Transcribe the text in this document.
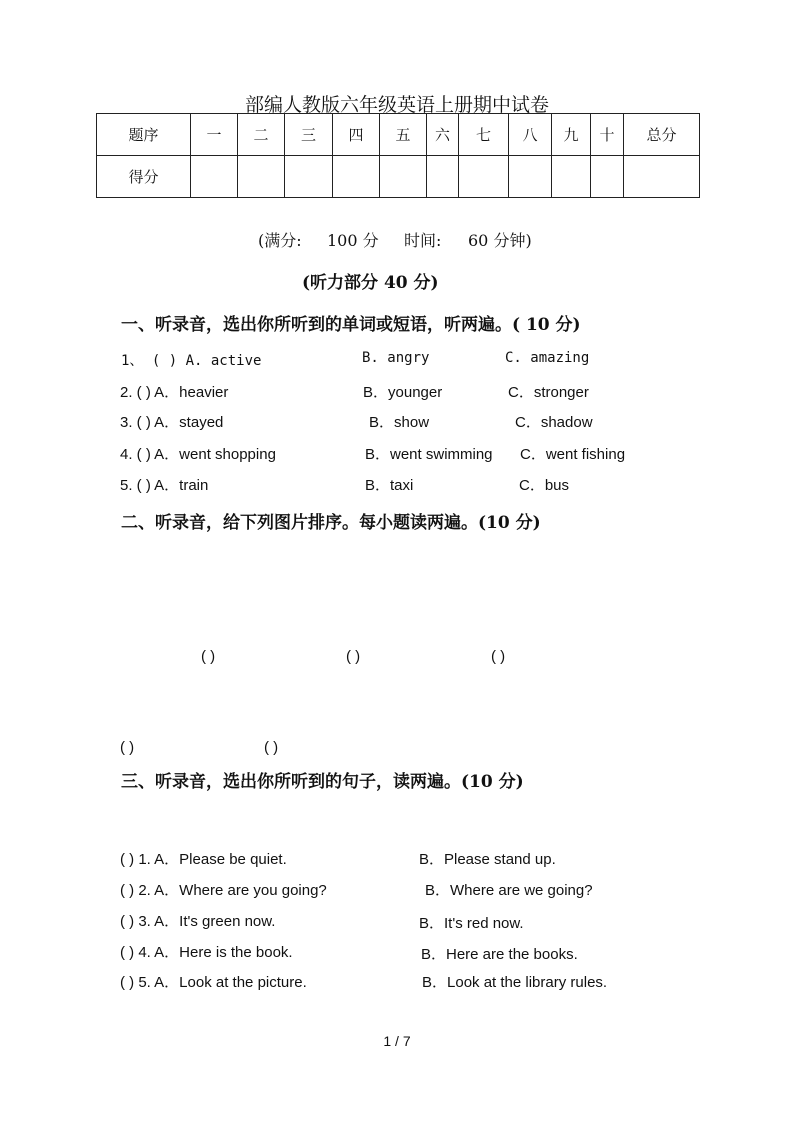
部编人教版六年级英语上册期中试卷
题序	一	二	三	四	五	六	七	八	九	十	总分
得分											
(满分: 100 分 时间: 60 分钟)
(听力部分 40 分)
一、听录音，选出你所听到的单词或短语，听两遍。( 10 分)
1、 ( ) A. active	B. angry	C. amazing
2. ( ) A．heavier	B．younger	C．stronger
3. ( ) A．stayed	B．show	C．shadow
4. ( ) A．went shopping	B．went swimming C．went fishing
5. ( ) A．train	B．taxi	C．bus
二、听录音，给下列图片排序。每小题读两遍。(10 分)
( )	( )	( )
( )	( )
三、听录音，选出你所听到的句子，读两遍。(10 分)
( ) 1. A．Please be quiet.	B．Please stand up.
( ) 2. A．Where are you going?	B．Where are we going?
( ) 3. A．It's green now.	B．It's red now.
( ) 4. A．Here is the book.	B．Here are the books.
( ) 5. A．Look at the picture.	B．Look at the library rules.
1 / 7
